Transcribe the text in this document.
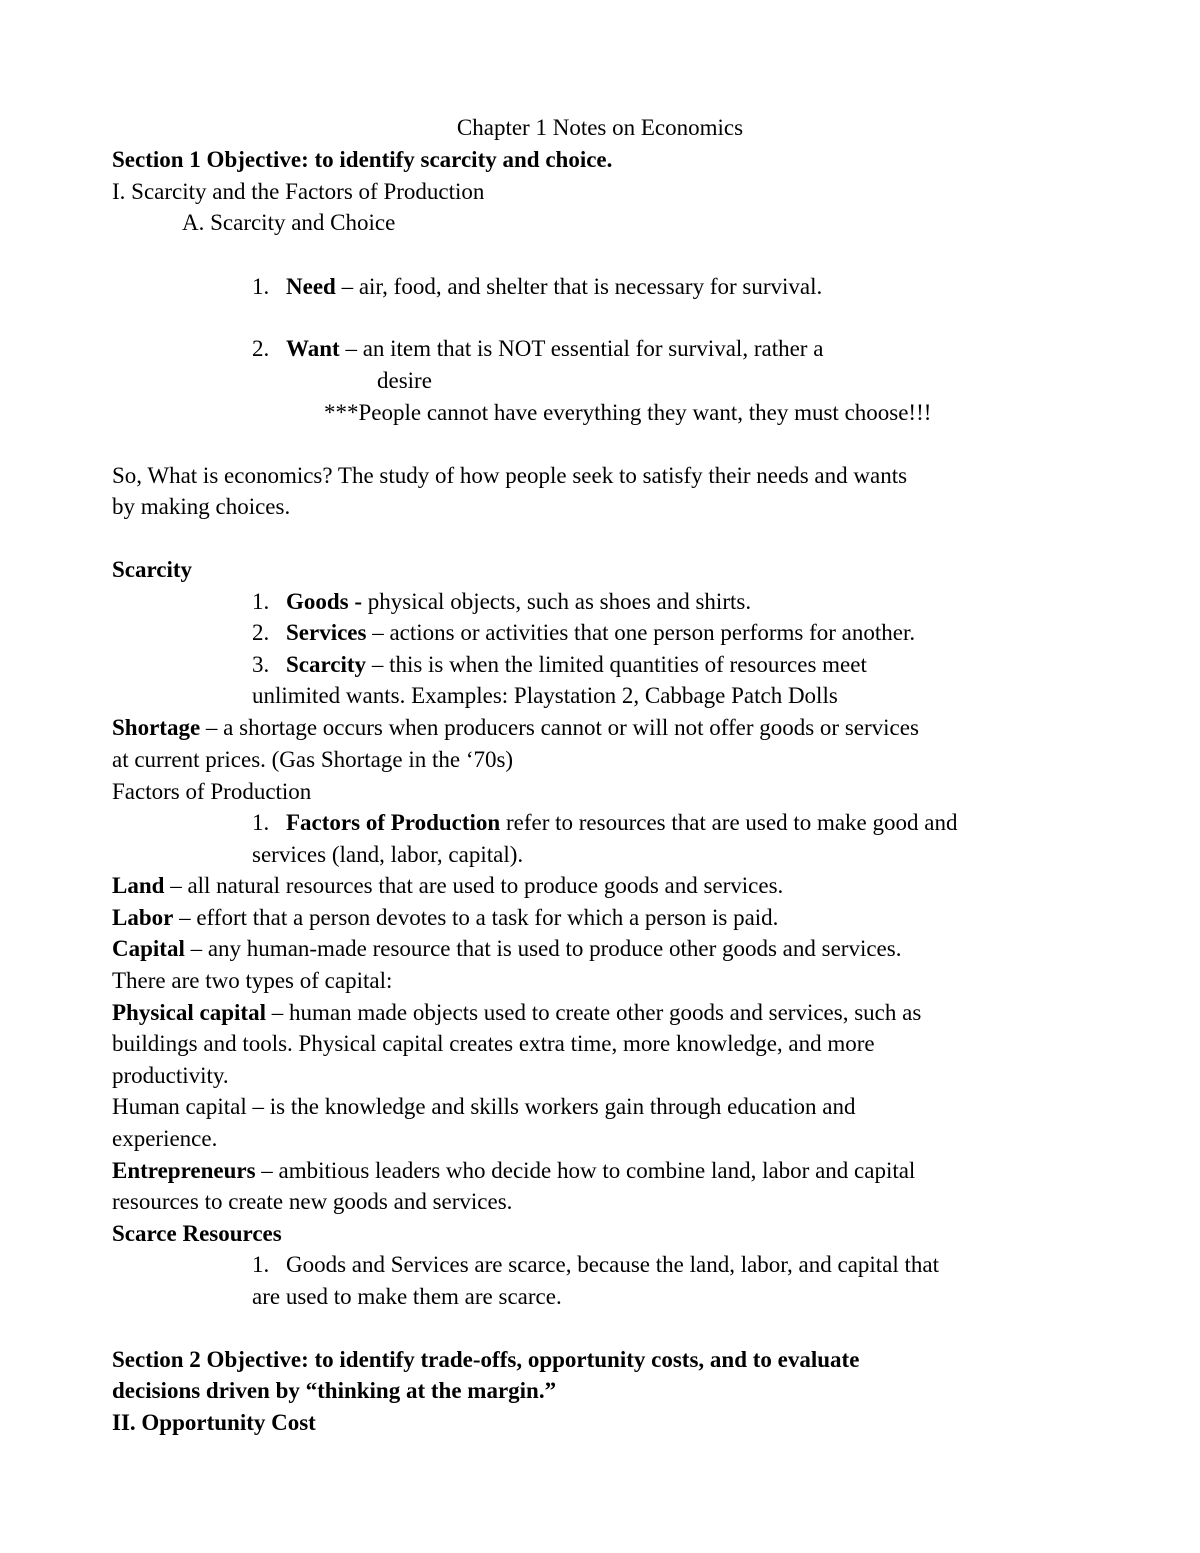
Chapter 1 Notes on Economics
Section 1 Objective: to identify scarcity and choice.
I. Scarcity and the Factors of Production
A. Scarcity and Choice
1. Need – air, food, and shelter that is necessary for survival.
2. Want – an item that is NOT essential for survival, rather a
desire
***People cannot have everything they want, they must choose!!!
So, What is economics? The study of how people seek to satisfy their needs and wants
by making choices.
Scarcity
1. Goods - physical objects, such as shoes and shirts.
2. Services – actions or activities that one person performs for another.
3. Scarcity – this is when the limited quantities of resources meet
unlimited wants. Examples: Playstation 2, Cabbage Patch Dolls
Shortage – a shortage occurs when producers cannot or will not offer goods or services
at current prices. (Gas Shortage in the ‘70s)
Factors of Production
1. Factors of Production refer to resources that are used to make good and
services (land, labor, capital).
Land – all natural resources that are used to produce goods and services.
Labor – effort that a person devotes to a task for which a person is paid.
Capital – any human-made resource that is used to produce other goods and services.
There are two types of capital:
Physical capital – human made objects used to create other goods and services, such as
buildings and tools. Physical capital creates extra time, more knowledge, and more
productivity.
Human capital – is the knowledge and skills workers gain through education and
experience.
Entrepreneurs – ambitious leaders who decide how to combine land, labor and capital
resources to create new goods and services.
Scarce Resources
1. Goods and Services are scarce, because the land, labor, and capital that
are used to make them are scarce.
Section 2 Objective: to identify trade-offs, opportunity costs, and to evaluate
decisions driven by “thinking at the margin.”
II. Opportunity Cost
